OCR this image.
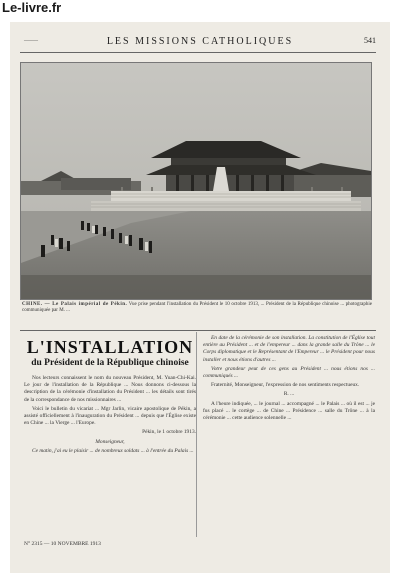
Le-livre.fr
——	LES MISSIONS CATHOLIQUES	541
CHINE. — Le Palais impérial de Pékin. Vue prise pendant l'installation du Président le 10 octobre 1913, ... Président de la République chinoise ... photographie communiquée par M. ...
L'INSTALLATION
du Président de la République chinoise

Nos lecteurs connaissent le nom du nouveau Président, M. Yuan-Chi-Kai. Le jour de l'installation de la République ... Nous donnons ci-dessous la description de la cérémonie d'installation du Président ... les détails sont tirés de la correspondance de nos missionnaires ...

Voici le bulletin du vicariat ... Mgr Jarlin, vicaire apostolique de Pékin, a assisté officiellement à l'inauguration du Président ... depuis que l'Église existe en Chine ... la Vierge ... l'Europe.

Pékin, le 1 octobre 1913.

Monseigneur,

Ce matin, j'ai eu le plaisir ... de nombreux soldats ... à l'entrée du Palais ...

En date de la cérémonie de son installation. La constitution de l'Église tout entière au Président ... et de l'empereur ... dans la grande salle du Trône ... le Corps diplomatique et le Représentant de l'Empereur ... le Président pour nous installer et nous étions d'autres ...

Votre grandeur peut de ces gens au Président ... nous étions nos ... communiqués ...

Fraternité, Monseigneur, l'expression de nos sentiments respectueux.

R. ...

A l'heure indiquée, ... le journal ... accompagné ... le Palais ... où il est ... je fus placé ... le cortège ... de Chine ... Présidence ... salle du Trône ... à la cérémonie ... cette audience solennelle ...

N° 2315 — 10 NOVEMBRE 1913
